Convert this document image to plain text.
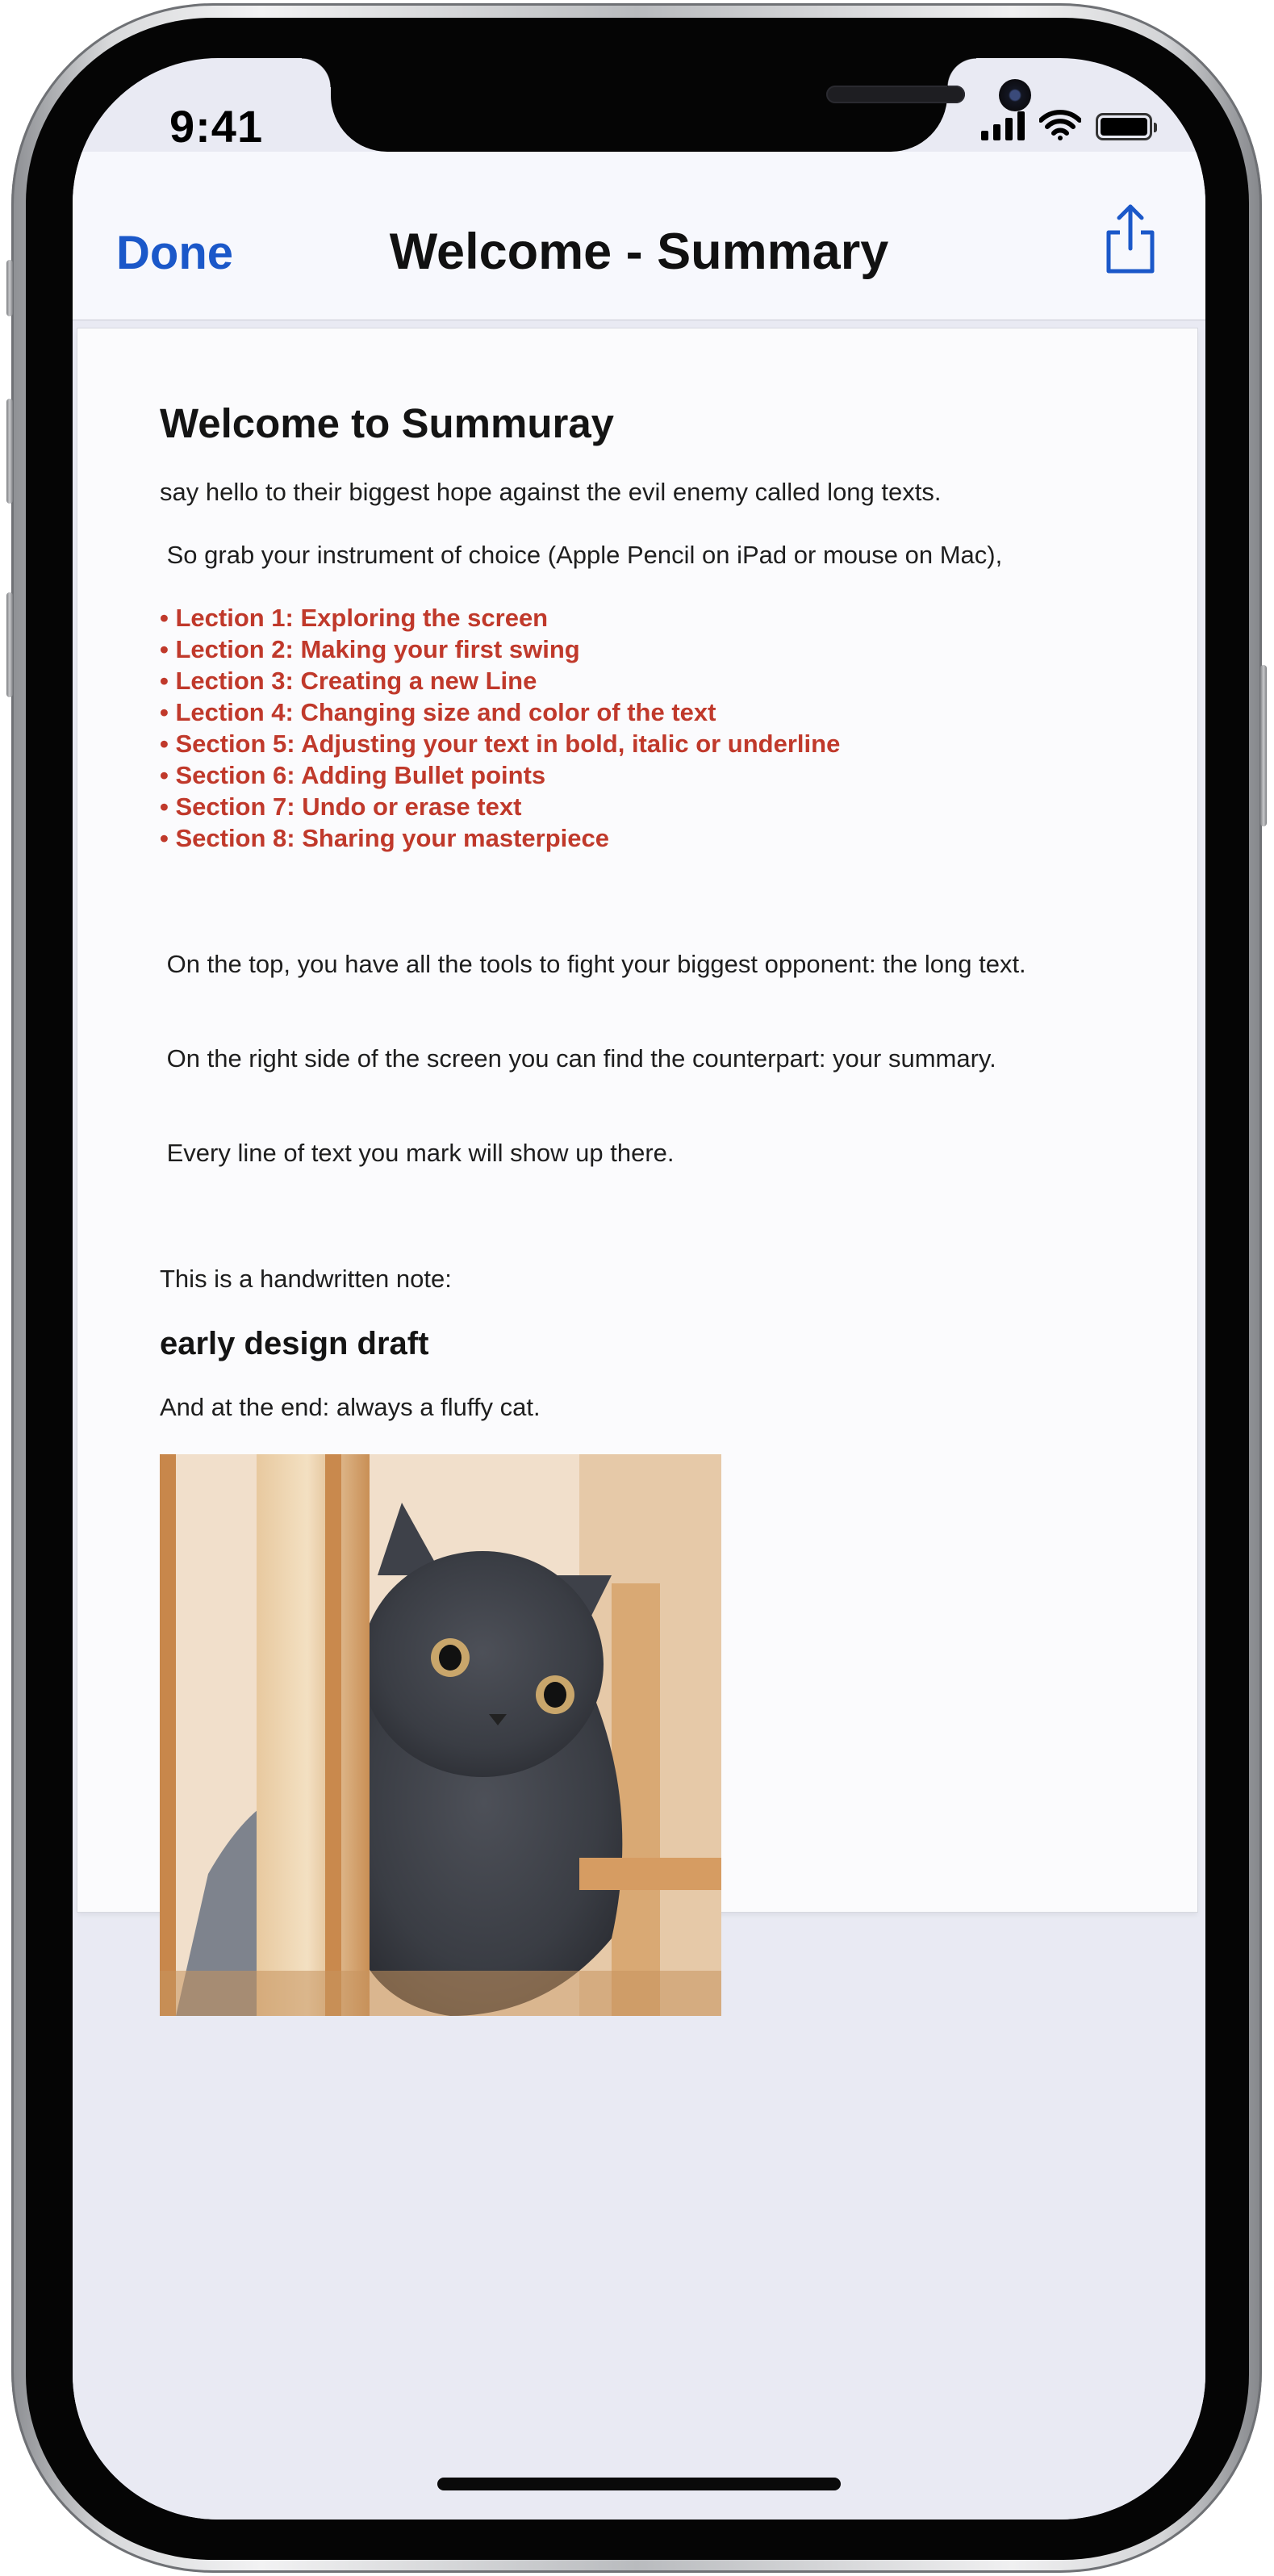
Done	Welcome - Summary
9:41
Welcome to Summuray

say hello to their biggest hope against the evil enemy called long texts.

So grab your instrument of choice (Apple Pencil on iPad or mouse on Mac),

• Lection 1: Exploring the screen
• Lection 2: Making your first swing
• Lection 3: Creating a new Line
• Lection 4: Changing size and color of the text
• Section 5: Adjusting your text in bold, italic or underline
• Section 6: Adding Bullet points
• Section 7: Undo or erase text
• Section 8: Sharing your masterpiece

On the top, you have all the tools to fight your biggest opponent: the long text.

On the right side of the screen you can find the counterpart: your summary.

Every line of text you mark will show up there.

This is a handwritten note:

early design draft

And at the end: always a fluffy cat.
